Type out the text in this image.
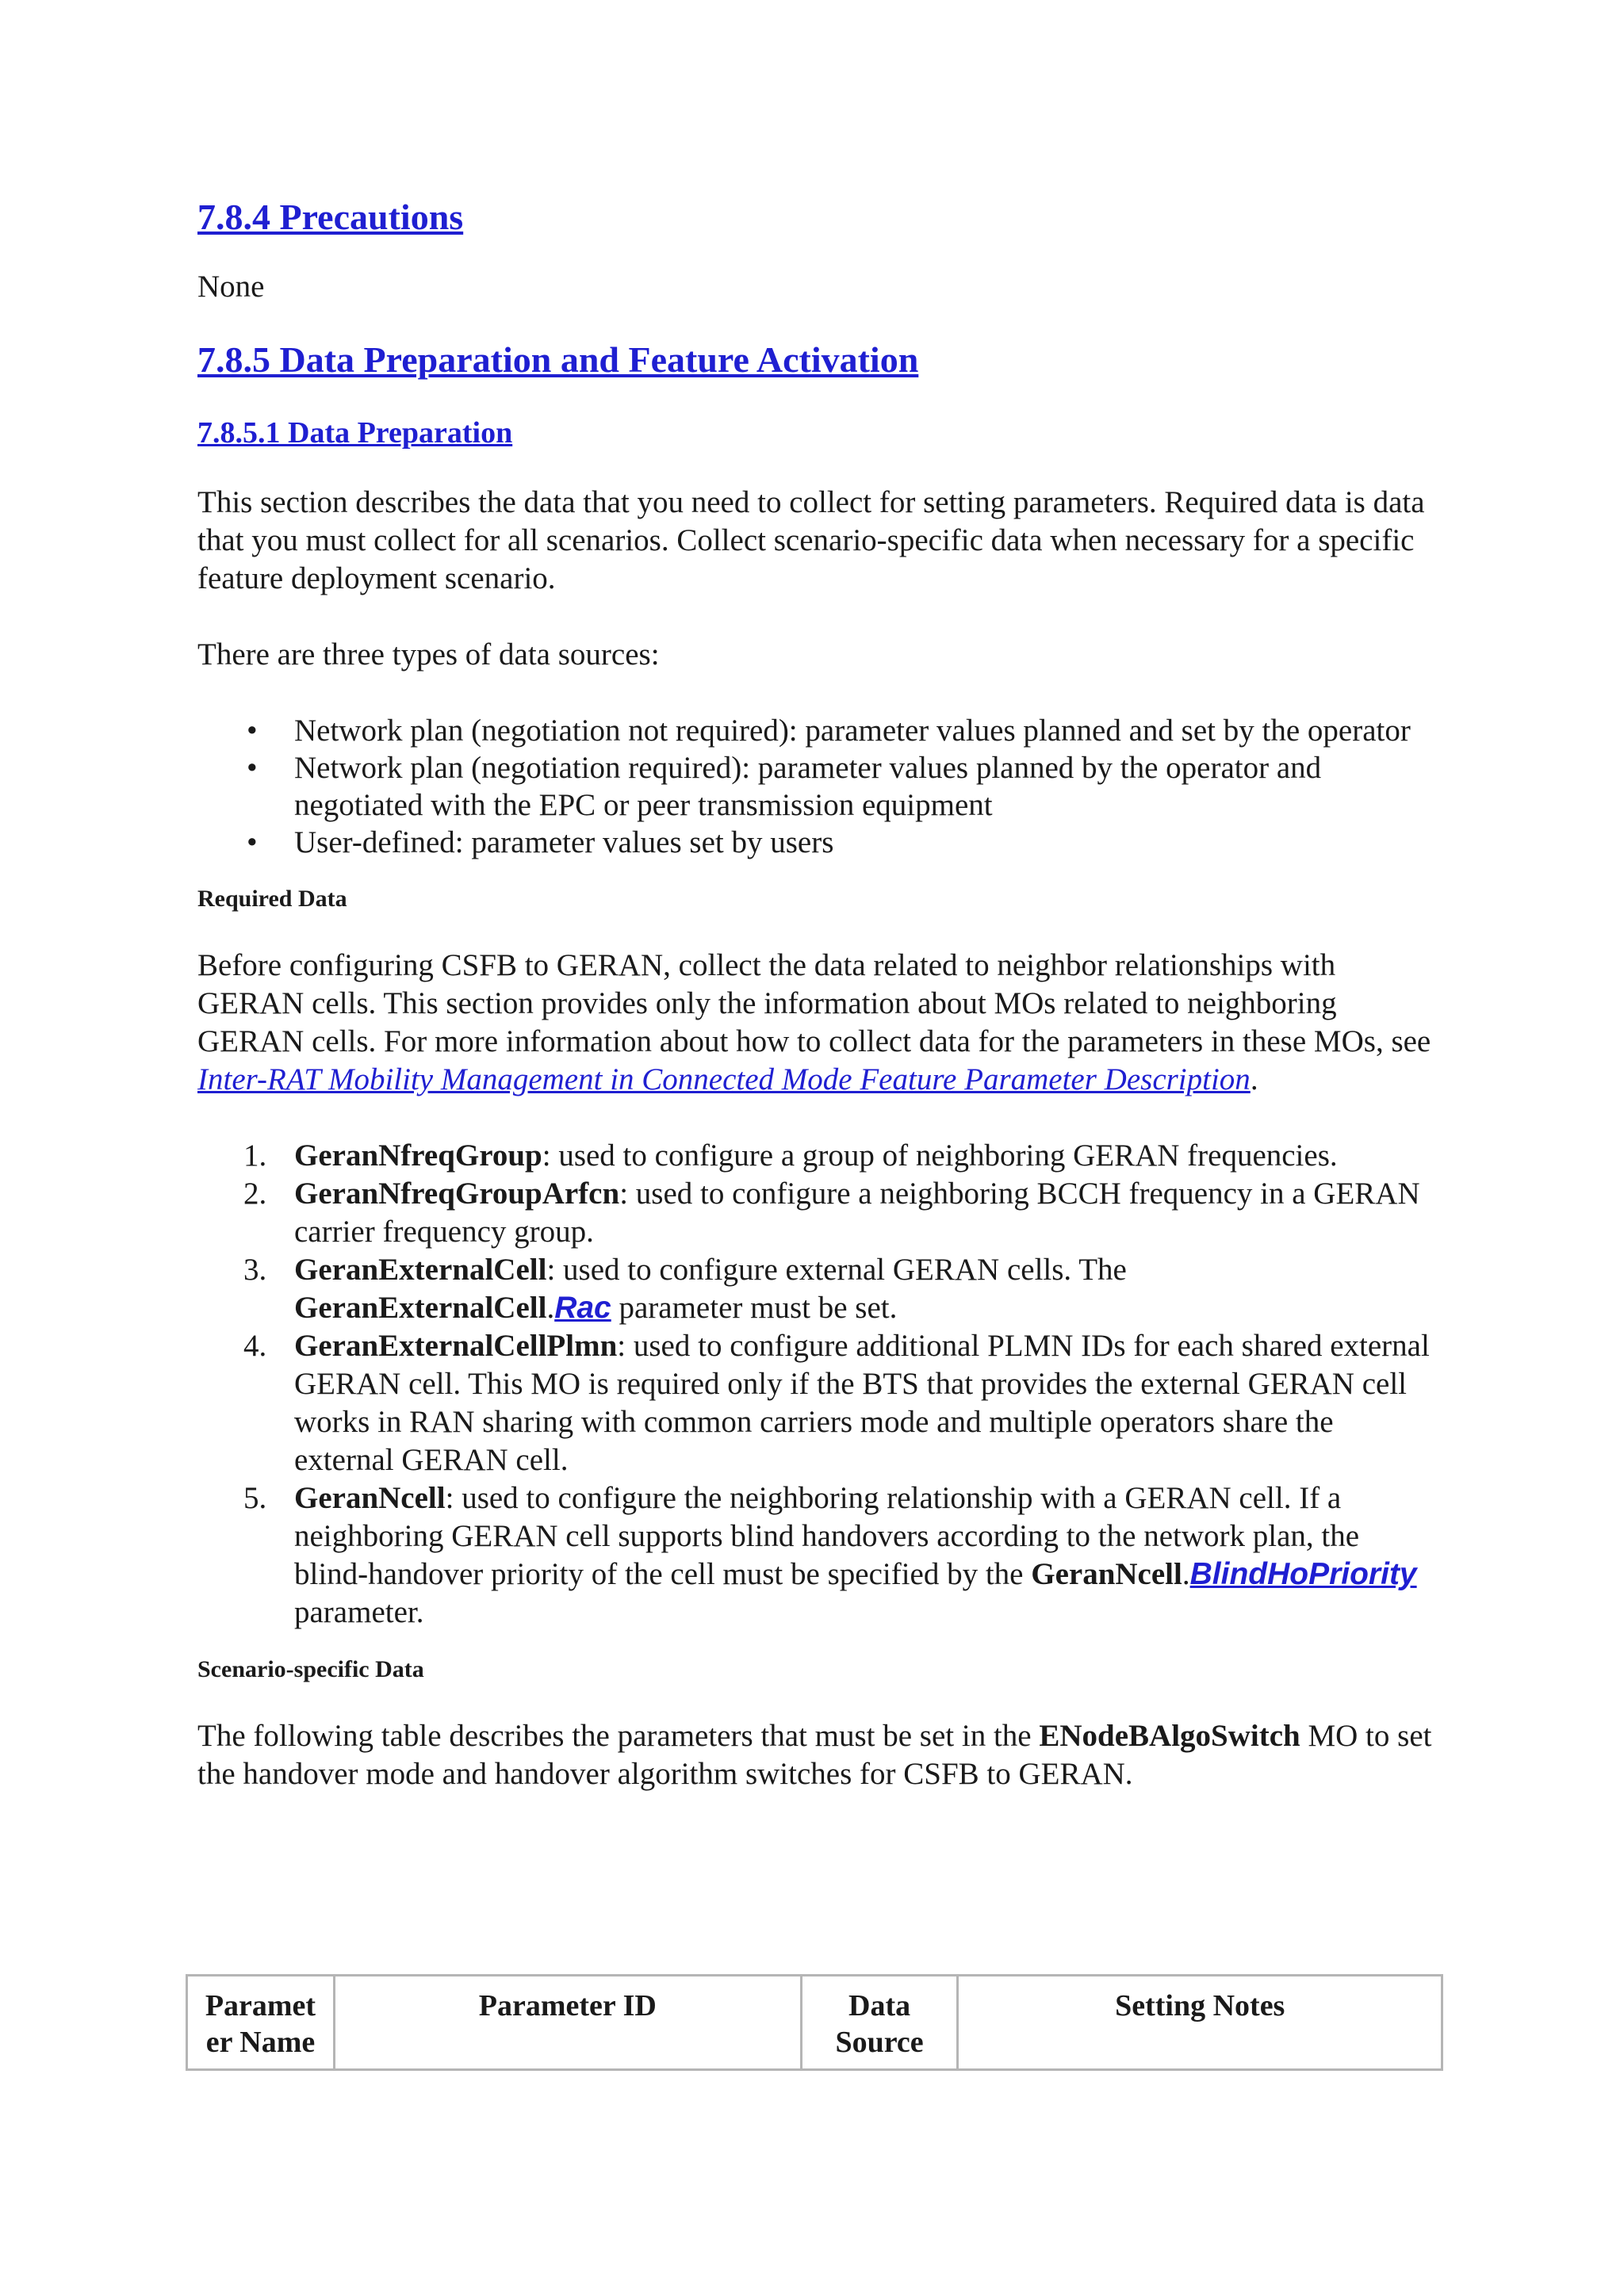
7.8.4 Precautions

None

7.8.5 Data Preparation and Feature Activation

7.8.5.1 Data Preparation

This section describes the data that you need to collect for setting parameters. Required data is data that you must collect for all scenarios. Collect scenario-specific data when necessary for a specific feature deployment scenario.

There are three types of data sources:

• Network plan (negotiation not required): parameter values planned and set by the operator
• Network plan (negotiation required): parameter values planned by the operator and negotiated with the EPC or peer transmission equipment
• User-defined: parameter values set by users

Required Data

Before configuring CSFB to GERAN, collect the data related to neighbor relationships with GERAN cells. This section provides only the information about MOs related to neighboring GERAN cells. For more information about how to collect data for the parameters in these MOs, see Inter-RAT Mobility Management in Connected Mode Feature Parameter Description.

1. GeranNfreqGroup: used to configure a group of neighboring GERAN frequencies.
2. GeranNfreqGroupArfcn: used to configure a neighboring BCCH frequency in a GERAN carrier frequency group.
3. GeranExternalCell: used to configure external GERAN cells. The GeranExternalCell.Rac parameter must be set.
4. GeranExternalCellPlmn: used to configure additional PLMN IDs for each shared external GERAN cell. This MO is required only if the BTS that provides the external GERAN cell works in RAN sharing with common carriers mode and multiple operators share the external GERAN cell.
5. GeranNcell: used to configure the neighboring relationship with a GERAN cell. If a neighboring GERAN cell supports blind handovers according to the network plan, the blind-handover priority of the cell must be specified by the GeranNcell.BlindHoPriority parameter.

Scenario-specific Data

The following table describes the parameters that must be set in the ENodeBAlgoSwitch MO to set the handover mode and handover algorithm switches for CSFB to GERAN.

Paramet er Name	Parameter ID	Data Source	Setting Notes
